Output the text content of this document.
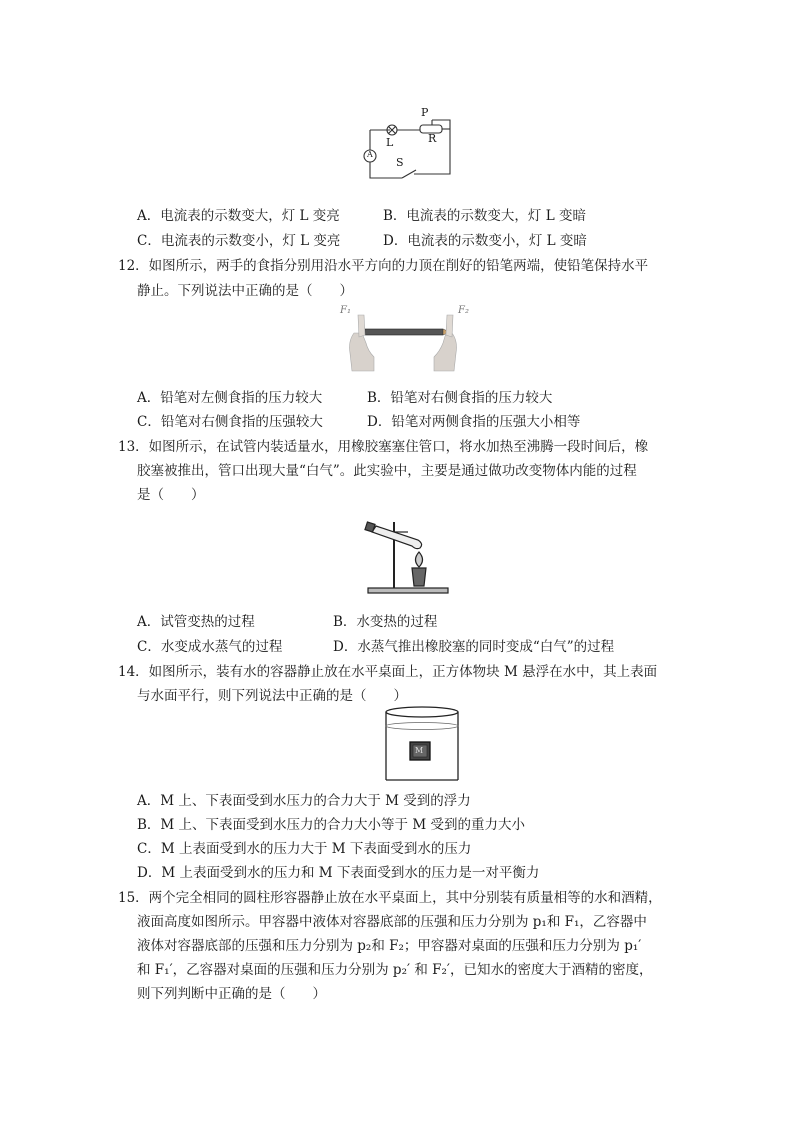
P
L	R
S
A
A．电流表的示数变大，灯 L 变亮	B．电流表的示数变大，灯 L 变暗
C．电流表的示数变小，灯 L 变亮	D．电流表的示数变小，灯 L 变暗
12．如图所示，两手的食指分别用沿水平方向的力顶在削好的铅笔两端，使铅笔保持水平
静止。下列说法中正确的是（　　）
F₁	F₂
A．铅笔对左侧食指的压力较大	B．铅笔对右侧食指的压力较大
C．铅笔对右侧食指的压强较大	D．铅笔对两侧食指的压强大小相等
13．如图所示，在试管内装适量水，用橡胶塞塞住管口，将水加热至沸腾一段时间后，橡
胶塞被推出，管口出现大量“白气”。此实验中，主要是通过做功改变物体内能的过程
是（　　）
A．试管变热的过程	B．水变热的过程
C．水变成水蒸气的过程	D．水蒸气推出橡胶塞的同时变成“白气”的过程
14．如图所示，装有水的容器静止放在水平桌面上，正方体物块 M 悬浮在水中，其上表面
与水面平行，则下列说法中正确的是（　　）
M
A．M 上、下表面受到水压力的合力大于 M 受到的浮力
B．M 上、下表面受到水压力的合力大小等于 M 受到的重力大小
C．M 上表面受到水的压力大于 M 下表面受到水的压力
D．M 上表面受到水的压力和 M 下表面受到水的压力是一对平衡力
15．两个完全相同的圆柱形容器静止放在水平桌面上，其中分别装有质量相等的水和酒精，
液面高度如图所示。甲容器中液体对容器底部的压强和压力分别为 p₁和 F₁，乙容器中
液体对容器底部的压强和压力分别为 p₂和 F₂；甲容器对桌面的压强和压力分别为 p₁′
和 F₁′，乙容器对桌面的压强和压力分别为 p₂′ 和 F₂′，已知水的密度大于酒精的密度，
则下列判断中正确的是（　　）
